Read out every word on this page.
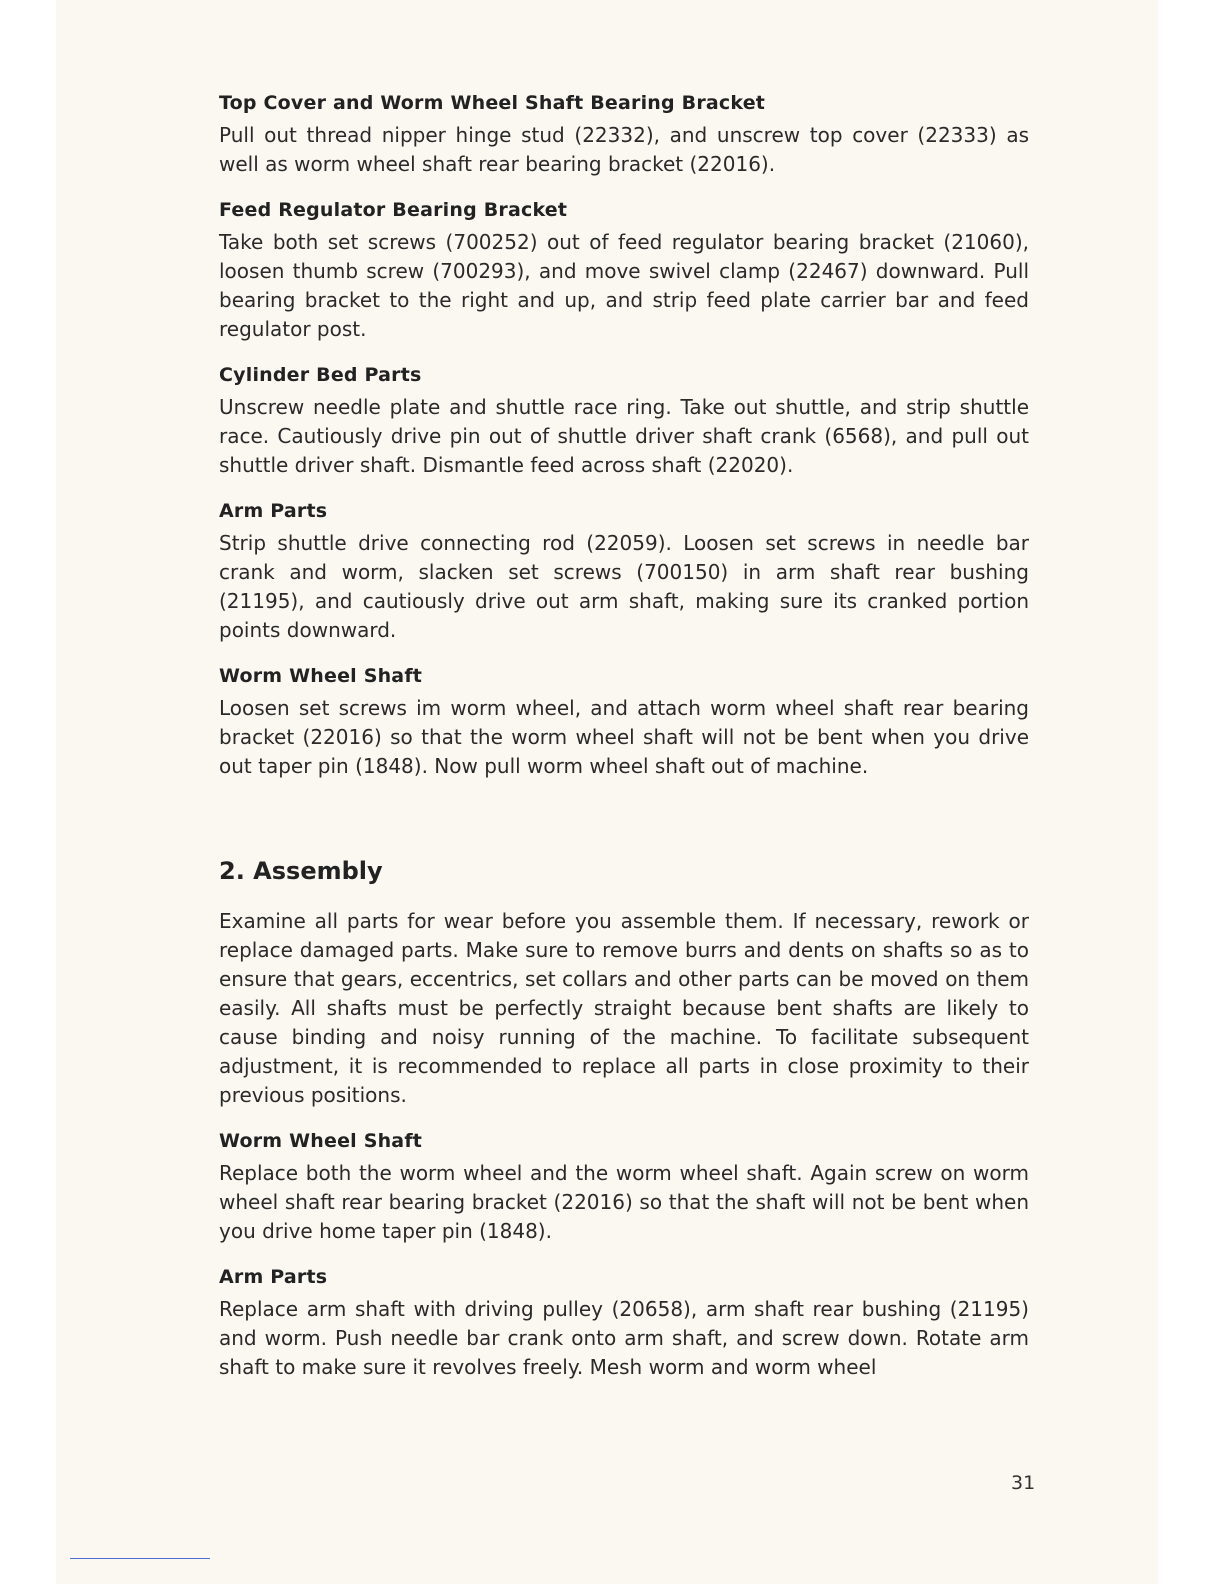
Top Cover and Worm Wheel Shaft Bearing Bracket

Pull out thread nipper hinge stud (22332), and unscrew top cover (22333) as well as worm wheel shaft rear bearing bracket (22016).

Feed Regulator Bearing Bracket

Take both set screws (700252) out of feed regulator bearing bracket (21060), loosen thumb screw (700293), and move swivel clamp (22467) downward. Pull bearing bracket to the right and up, and strip feed plate carrier bar and feed regulator post.

Cylinder Bed Parts

Unscrew needle plate and shuttle race ring. Take out shuttle, and strip shuttle race. Cautiously drive pin out of shuttle driver shaft crank (6568), and pull out shuttle driver shaft. Dismantle feed across shaft (22020).

Arm Parts

Strip shuttle drive connecting rod (22059). Loosen set screws in needle bar crank and worm, slacken set screws (700150) in arm shaft rear bushing (21195), and cautiously drive out arm shaft, making sure its cranked portion points downward.

Worm Wheel Shaft

Loosen set screws im worm wheel, and attach worm wheel shaft rear bearing bracket (22016) so that the worm wheel shaft will not be bent when you drive out taper pin (1848). Now pull worm wheel shaft out of machine.

2. Assembly

Examine all parts for wear before you assemble them. If necessary, rework or replace damaged parts. Make sure to remove burrs and dents on shafts so as to ensure that gears, eccentrics, set collars and other parts can be moved on them easily. All shafts must be perfectly straight because bent shafts are likely to cause binding and noisy running of the machine. To facilitate subsequent adjustment, it is recommended to replace all parts in close proximity to their previous positions.

Worm Wheel Shaft

Replace both the worm wheel and the worm wheel shaft. Again screw on worm wheel shaft rear bearing bracket (22016) so that the shaft will not be bent when you drive home taper pin (1848).

Arm Parts

Replace arm shaft with driving pulley (20658), arm shaft rear bushing (21195) and worm. Push needle bar crank onto arm shaft, and screw down. Rotate arm shaft to make sure it revolves freely. Mesh worm and worm wheel

31
